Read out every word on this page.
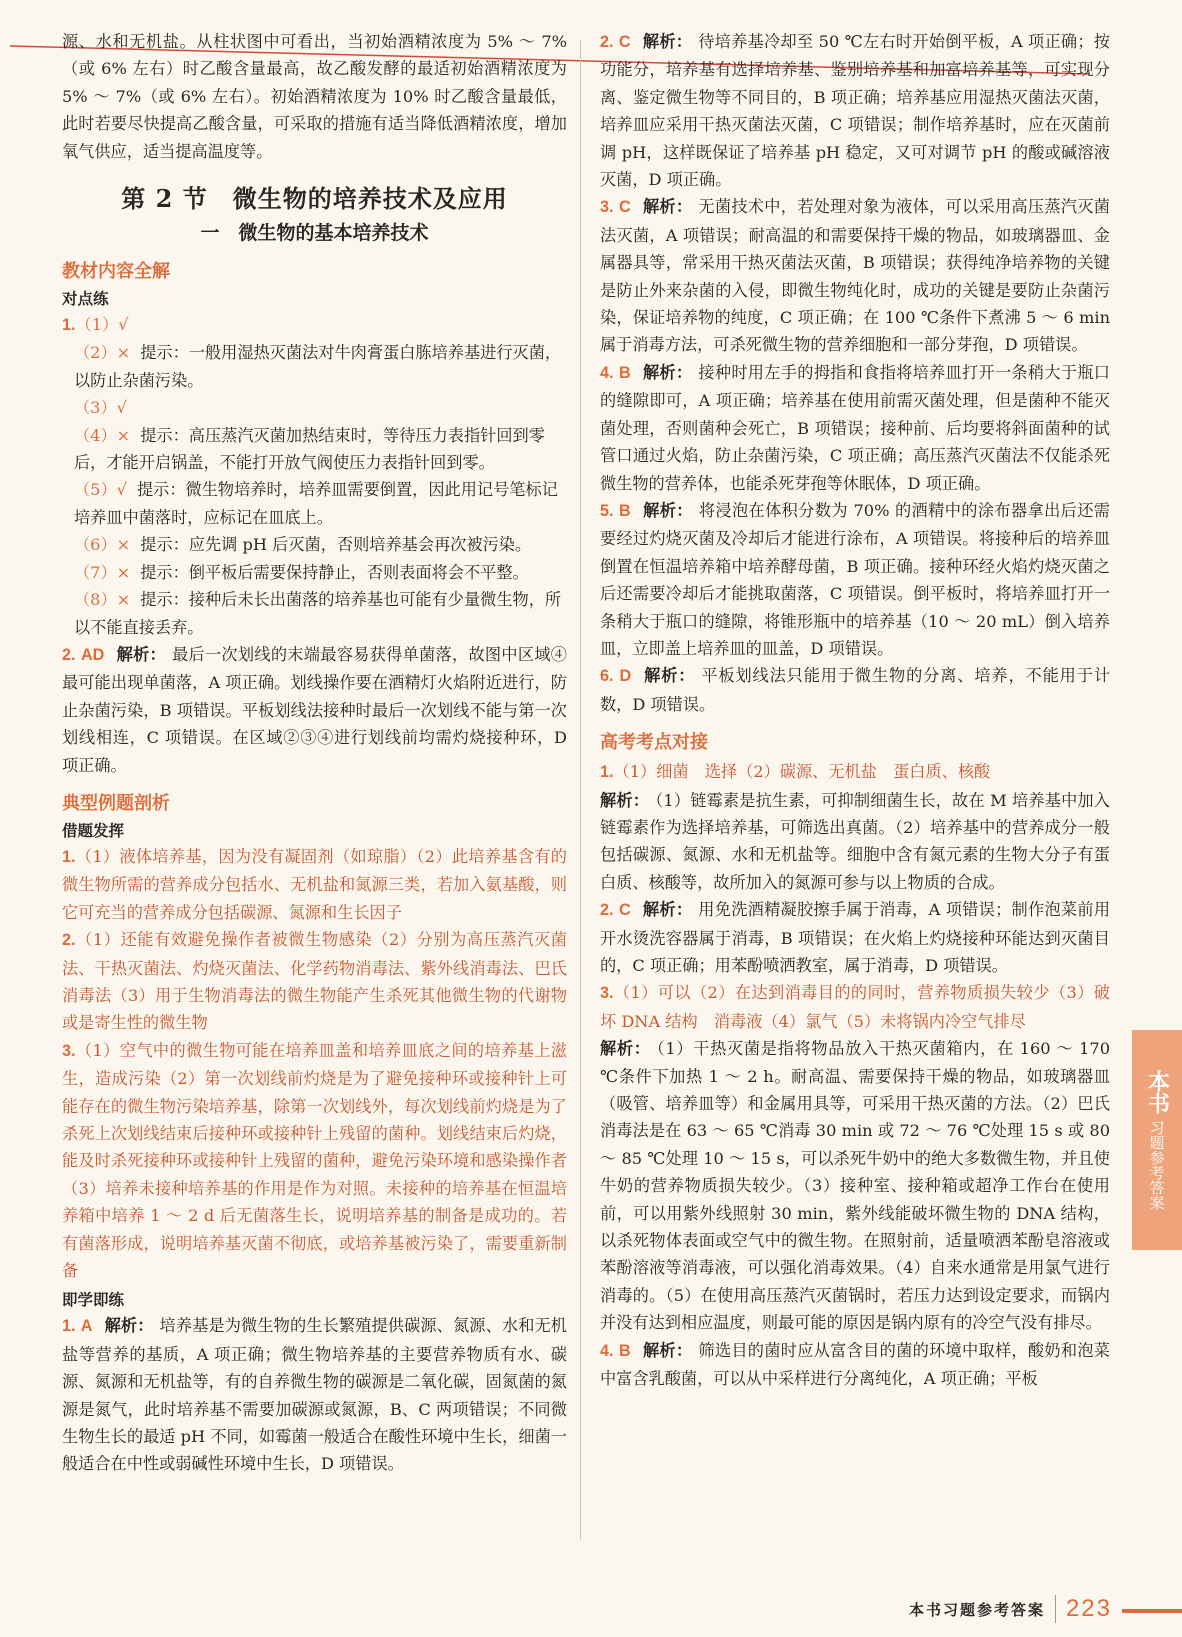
源、水和无机盐。从柱状图中可看出，当初始酒精浓度为 5% ～ 7%（或 6% 左右）时乙酸含量最高，故乙酸发酵的最适初始酒精浓度为 5% ～ 7%（或 6% 左右）。初始酒精浓度为 10% 时乙酸含量最低，此时若要尽快提高乙酸含量，可采取的措施有适当降低酒精浓度，增加氧气供应，适当提高温度等。

第 2 节　微生物的培养技术及应用
一　微生物的基本培养技术
教材内容全解
对点练
1.（1）√
（2）× 提示：一般用湿热灭菌法对牛肉膏蛋白胨培养基进行灭菌，以防止杂菌污染。
（3）√
（4）× 提示：高压蒸汽灭菌加热结束时，等待压力表指针回到零后，才能开启锅盖，不能打开放气阀使压力表指针回到零。
（5）√ 提示：微生物培养时，培养皿需要倒置，因此用记号笔标记培养皿中菌落时，应标记在皿底上。
（6）× 提示：应先调 pH 后灭菌，否则培养基会再次被污染。
（7）× 提示：倒平板后需要保持静止，否则表面将会不平整。
（8）× 提示：接种后未长出菌落的培养基也可能有少量微生物，所以不能直接丢弃。

2. AD 解析： 最后一次划线的末端最容易获得单菌落，故图中区域④最可能出现单菌落，A 项正确。划线操作要在酒精灯火焰附近进行，防止杂菌污染，B 项错误。平板划线法接种时最后一次划线不能与第一次划线相连，C 项错误。在区域②③④进行划线前均需灼烧接种环，D 项正确。

典型例题剖析
借题发挥

1.（1）液体培养基，因为没有凝固剂（如琼脂）（2）此培养基含有的微生物所需的营养成分包括水、无机盐和氮源三类，若加入氨基酸，则它可充当的营养成分包括碳源、氮源和生长因子

2.（1）还能有效避免操作者被微生物感染（2）分别为高压蒸汽灭菌法、干热灭菌法、灼烧灭菌法、化学药物消毒法、紫外线消毒法、巴氏消毒法（3）用于生物消毒法的微生物能产生杀死其他微生物的代谢物或是寄生性的微生物

3.（1）空气中的微生物可能在培养皿盖和培养皿底之间的培养基上滋生，造成污染（2）第一次划线前灼烧是为了避免接种环或接种针上可能存在的微生物污染培养基，除第一次划线外，每次划线前灼烧是为了杀死上次划线结束后接种环或接种针上残留的菌种。划线结束后灼烧，能及时杀死接种环或接种针上残留的菌种，避免污染环境和感染操作者（3）培养未接种培养基的作用是作为对照。未接种的培养基在恒温培养箱中培养 1 ～ 2 d 后无菌落生长，说明培养基的制备是成功的。若有菌落形成，说明培养基灭菌不彻底，或培养基被污染了，需要重新制备

即学即练

1. A 解析： 培养基是为微生物的生长繁殖提供碳源、氮源、水和无机盐等营养的基质，A 项正确；微生物培养基的主要营养物质有水、碳源、氮源和无机盐等，有的自养微生物的碳源是二氧化碳，固氮菌的氮源是氮气，此时培养基不需要加碳源或氮源，B、C 两项错误；不同微生物生长的最适 pH 不同，如霉菌一般适合在酸性环境中生长，细菌一般适合在中性或弱碱性环境中生长，D 项错误。

2. C 解析： 待培养基冷却至 50 ℃左右时开始倒平板，A 项正确；按功能分，培养基有选择培养基、鉴别培养基和加富培养基等，可实现分离、鉴定微生物等不同目的，B 项正确；培养基应用湿热灭菌法灭菌，培养皿应采用干热灭菌法灭菌，C 项错误；制作培养基时，应在灭菌前调 pH，这样既保证了培养基 pH 稳定，又可对调节 pH 的酸或碱溶液灭菌，D 项正确。

3. C 解析： 无菌技术中，若处理对象为液体，可以采用高压蒸汽灭菌法灭菌，A 项错误；耐高温的和需要保持干燥的物品，如玻璃器皿、金属器具等，常采用干热灭菌法灭菌，B 项错误；获得纯净培养物的关键是防止外来杂菌的入侵，即微生物纯化时，成功的关键是要防止杂菌污染，保证培养物的纯度，C 项正确；在 100 ℃条件下煮沸 5 ～ 6 min 属于消毒方法，可杀死微生物的营养细胞和一部分芽孢，D 项错误。

4. B 解析： 接种时用左手的拇指和食指将培养皿打开一条稍大于瓶口的缝隙即可，A 项正确；培养基在使用前需灭菌处理，但是菌种不能灭菌处理，否则菌种会死亡，B 项错误；接种前、后均要将斜面菌种的试管口通过火焰，防止杂菌污染，C 项正确；高压蒸汽灭菌法不仅能杀死微生物的营养体，也能杀死芽孢等休眠体，D 项正确。

5. B 解析： 将浸泡在体积分数为 70% 的酒精中的涂布器拿出后还需要经过灼烧灭菌及冷却后才能进行涂布，A 项错误。将接种后的培养皿倒置在恒温培养箱中培养酵母菌，B 项正确。接种环经火焰灼烧灭菌之后还需要冷却后才能挑取菌落，C 项错误。倒平板时，将培养皿打开一条稍大于瓶口的缝隙，将锥形瓶中的培养基（10 ～ 20 mL）倒入培养皿，立即盖上培养皿的皿盖，D 项错误。

6. D 解析： 平板划线法只能用于微生物的分离、培养，不能用于计数，D 项错误。

高考考点对接

1.（1）细菌　选择（2）碳源、无机盐　蛋白质、核酸

解析： （1）链霉素是抗生素，可抑制细菌生长，故在 M 培养基中加入链霉素作为选择培养基，可筛选出真菌。（2）培养基中的营养成分一般包括碳源、氮源、水和无机盐等。细胞中含有氮元素的生物大分子有蛋白质、核酸等，故所加入的氮源可参与以上物质的合成。

2. C 解析： 用免洗酒精凝胶擦手属于消毒，A 项错误；制作泡菜前用开水烫洗容器属于消毒，B 项错误；在火焰上灼烧接种环能达到灭菌目的，C 项正确；用苯酚喷洒教室，属于消毒，D 项错误。

3.（1）可以（2）在达到消毒目的的同时，营养物质损失较少（3）破坏 DNA 结构　消毒液（4）氯气（5）未将锅内冷空气排尽

解析： （1）干热灭菌是指将物品放入干热灭菌箱内，在 160 ～ 170 ℃条件下加热 1 ～ 2 h。耐高温、需要保持干燥的物品，如玻璃器皿（吸管、培养皿等）和金属用具等，可采用干热灭菌的方法。（2）巴氏消毒法是在 63 ～ 65 ℃消毒 30 min 或 72 ～ 76 ℃处理 15 s 或 80 ～ 85 ℃处理 10 ～ 15 s，可以杀死牛奶中的绝大多数微生物，并且使牛奶的营养物质损失较少。（3）接种室、接种箱或超净工作台在使用前，可以用紫外线照射 30 min，紫外线能破坏微生物的 DNA 结构，以杀死物体表面或空气中的微生物。在照射前，适量喷洒苯酚皂溶液或苯酚溶液等消毒液，可以强化消毒效果。（4）自来水通常是用氯气进行消毒的。（5）在使用高压蒸汽灭菌锅时，若压力达到设定要求，而锅内并没有达到相应温度，则最可能的原因是锅内原有的冷空气没有排尽。

4. B 解析： 筛选目的菌时应从富含目的菌的环境中取样，酸奶和泡菜中富含乳酸菌，可以从中采样进行分离纯化，A 项正确；平板

本书
习题参考答案
本书习题参考答案 223
